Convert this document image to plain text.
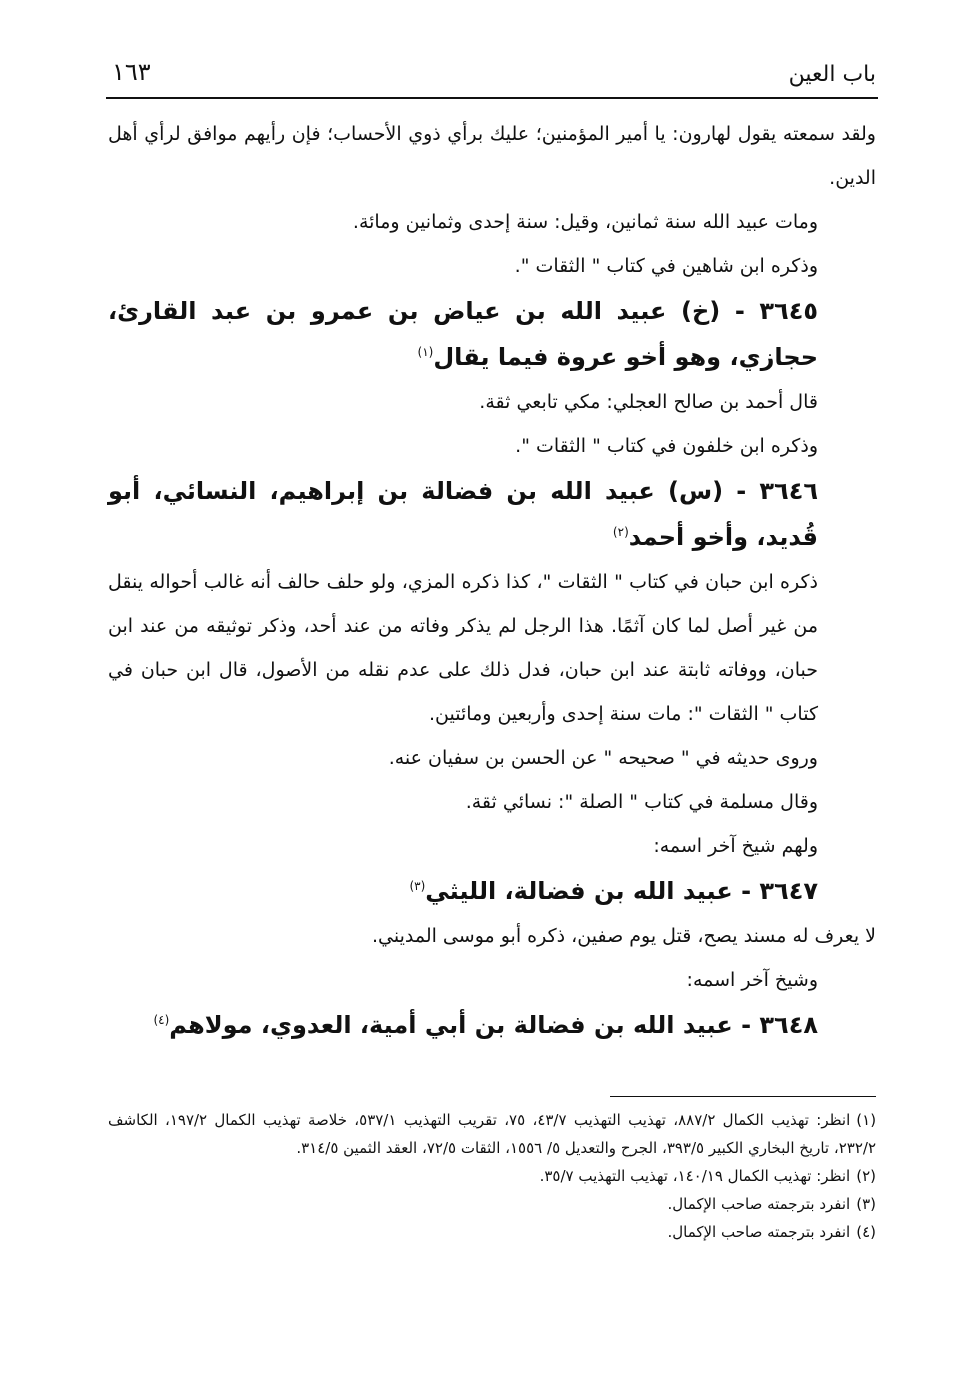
١٦٣	باب العين

ولقد سمعته يقول لهارون: يا أمير المؤمنين؛ عليك برأي ذوي الأحساب؛ فإن رأيهم موافق لرأي أهل الدين.

ومات عبيد الله سنة ثمانين، وقيل: سنة إحدى وثمانين ومائة.

وذكره ابن شاهين في كتاب " الثقات ".

٣٦٤٥ - (خ) عبيد الله بن عياض بن عمرو بن عبد القارئ، حجازي، وهو أخو عروة فيما يقال$^{(١)}$

قال أحمد بن صالح العجلي: مكي تابعي ثقة.

وذكره ابن خلفون في كتاب " الثقات ".

٣٦٤٦ - (س) عبيد الله بن فضالة بن إبراهيم، النسائي، أبو قُديد، وأخو أحمد$^{(٢)}$

ذكره ابن حبان في كتاب " الثقات "، كذا ذكره المزي، ولو حلف حالف أنه غالب أحواله ينقل من غير أصل لما كان آثمًا. هذا الرجل لم يذكر وفاته من عند أحد، وذكر توثيقه من عند ابن حبان، ووفاته ثابتة عند ابن حبان، فدل ذلك على عدم نقله من الأصول، قال ابن حبان في كتاب " الثقات ": مات سنة إحدى وأربعين ومائتين.

وروى حديثه في " صحيحه " عن الحسن بن سفيان عنه.

وقال مسلمة في كتاب " الصلة ": نسائي ثقة.

ولهم شيخ آخر اسمه:

٣٦٤٧ - عبيد الله بن فضالة، الليثي$^{(٣)}$

لا يعرف له مسند يصح، قتل يوم صفين، ذكره أبو موسى المديني.

وشيخ آخر اسمه:

٣٦٤٨ - عبيد الله بن فضالة بن أبي أمية، العدوي، مولاهم$^{(٤)}$

(١)انظر: تهذيب الكمال ٨٨٧/٢، تهذيب التهذيب ٤٣/٧، ٧٥، تقريب التهذيب ٥٣٧/١، خلاصة تهذيب الكمال ١٩٧/٢، الكاشف ٢٣٢/٢، تاريخ البخاري الكبير ٣٩٣/٥، الجرح والتعديل ٥/ ١٥٥٦، الثقات ٧٢/٥، العقد الثمين ٣١٤/٥.

(٢)انظر: تهذيب الكمال ١٤٠/١٩، تهذيب التهذيب ٣٥/٧.

(٣)انفرد بترجمته صاحب الإكمال.

(٤)انفرد بترجمته صاحب الإكمال.
